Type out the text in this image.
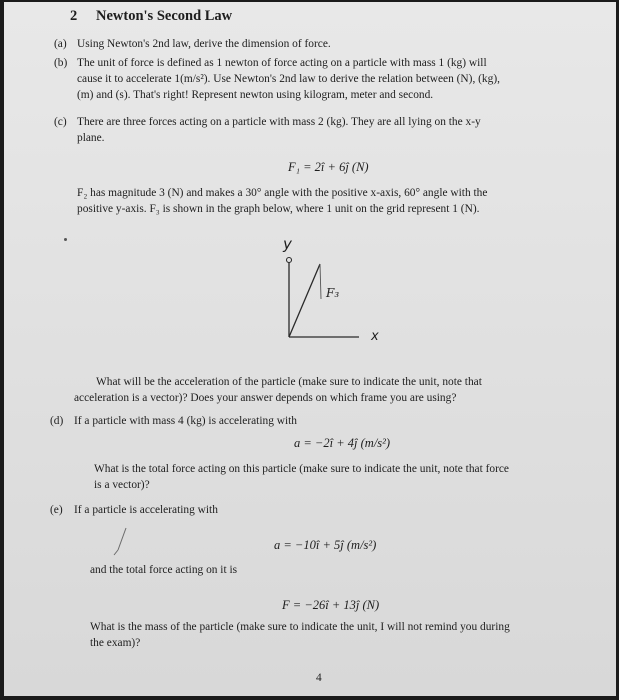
2 Newton's Second Law
(a) Using Newton's 2nd law, derive the dimension of force.
(b) The unit of force is defined as 1 newton of force acting on a particle with mass 1 (kg) will
cause it to accelerate 1(m/s²). Use Newton's 2nd law to derive the relation between (N), (kg),
(m) and (s). That's right! Represent newton using kilogram, meter and second.
(c) There are three forces acting on a particle with mass 2 (kg). They are all lying on the x-y
plane.
F₁ = 2î + 6ĵ (N)
F₂ has magnitude 3 (N) and makes a 30° angle with the positive x-axis, 60° angle with the
positive y-axis. F₃ is shown in the graph below, where 1 unit on the grid represent 1 (N).
y
x
F₃
What will be the acceleration of the particle (make sure to indicate the unit, note that
acceleration is a vector)? Does your answer depends on which frame you are using?
(d) If a particle with mass 4 (kg) is accelerating with
a = −2î + 4ĵ (m/s²)
What is the total force acting on this particle (make sure to indicate the unit, note that force
is a vector)?
(e) If a particle is accelerating with
a = −10î + 5ĵ (m/s²)
and the total force acting on it is
F = −26î + 13ĵ (N)
What is the mass of the particle (make sure to indicate the unit, I will not remind you during
the exam)?
4
